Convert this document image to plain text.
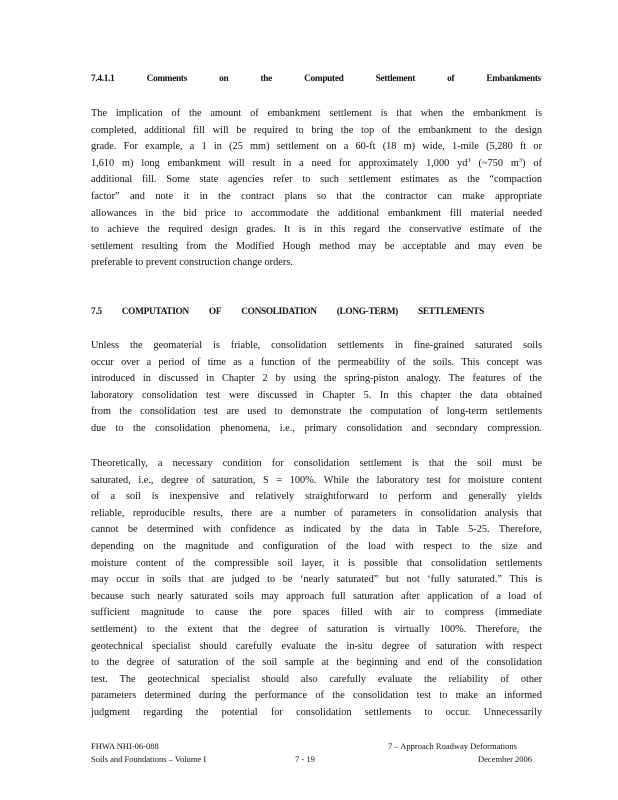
7.4.1.1	Comments	on	the	Computed	Settlement	of	Embankments
The implication of the amount of embankment settlement is that when the embankment is
completed, additional fill will be required to bring the top of the embankment to the design
grade. For example, a 1 in (25 mm) settlement on a 60-ft (18 m) wide, 1-mile (5,280 ft or
1,610 m) long embankment will result in a need for approximately 1,000 $yd^3$ (~750 $m^3$) of
additional fill. Some state agencies refer to such settlement estimates as the “compaction
factor” and note it in the contract plans so that the contractor can make appropriate
allowances in the bid price to accommodate the additional embankment fill material needed
to achieve the required design grades. It is in this regard the conservative estimate of the
settlement resulting from the Modified Hough method may be acceptable and may even be
preferable to prevent construction change orders.
7.5 COMPUTATION OF CONSOLIDATION (LONG-TERM) SETTLEMENTS
Unless the geomaterial is friable, consolidation settlements in fine-grained saturated soils
occur over a period of time as a function of the permeability of the soils. This concept was
introduced in discussed in Chapter 2 by using the spring-piston analogy. The features of the
laboratory consolidation test were discussed in Chapter 5. In this chapter the data obtained
from the consolidation test are used to demonstrate the computation of long-term settlements
due to the consolidation phenomena, i.e., primary consolidation and secondary compression.
Theoretically, a necessary condition for consolidation settlement is that the soil must be
saturated, i.e., degree of saturation, S = 100%. While the laboratory test for moisture content
of a soil is inexpensive and relatively straightforward to perform and generally yields
reliable, reproducible results, there are a number of parameters in consolidation analysis that
cannot be determined with confidence as indicated by the data in Table 5-25. Therefore,
depending on the magnitude and configuration of the load with respect to the size and
moisture content of the compressible soil layer, it is possible that consolidation settlements
may occur in soils that are judged to be ‘nearly saturated” but not ‘fully saturated.” This is
because such nearly saturated soils may approach full saturation after application of a load of
sufficient magnitude to cause the pore spaces filled with air to compress (immediate
settlement) to the extent that the degree of saturation is virtually 100%. Therefore, the
geotechnical specialist should carefully evaluate the in-situ degree of saturation with respect
to the degree of saturation of the soil sample at the beginning and end of the consolidation
test. The geotechnical specialist should also carefully evaluate the reliability of other
parameters determined during the performance of the consolidation test to make an informed
judgment regarding the potential for consolidation settlements to occur. Unnecessarily
FHWA NHI-06-088
Soils and Foundations – Volume I	7 - 19
7 – Approach Roadway Deformations
December 2006
